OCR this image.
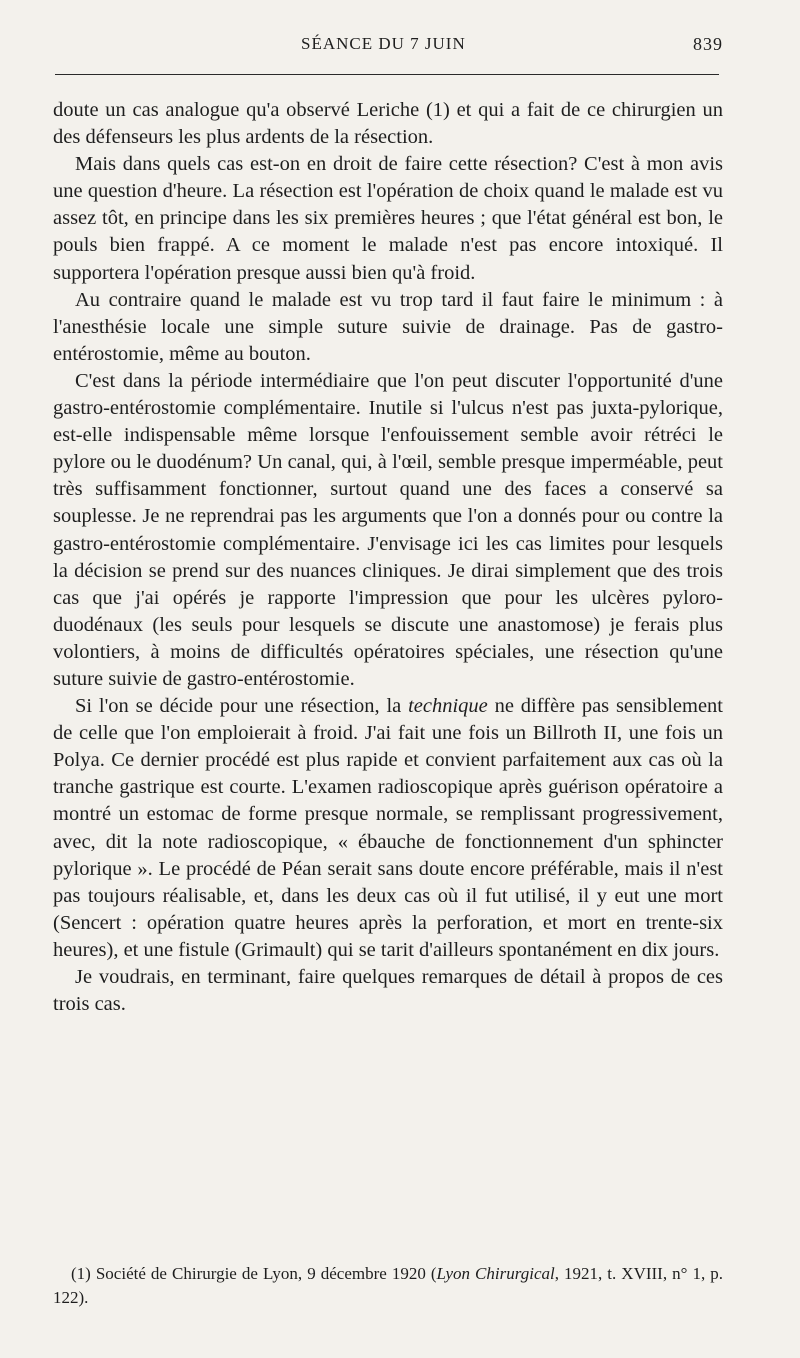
SÉANCE DU 7 JUIN	839

doute un cas analogue qu'a observé Leriche (1) et qui a fait de ce chirurgien un des défenseurs les plus ardents de la résection.

Mais dans quels cas est-on en droit de faire cette résection? C'est à mon avis une question d'heure. La résection est l'opération de choix quand le malade est vu assez tôt, en principe dans les six premières heures ; que l'état général est bon, le pouls bien frappé. A ce moment le malade n'est pas encore intoxiqué. Il supportera l'opération presque aussi bien qu'à froid.

Au contraire quand le malade est vu trop tard il faut faire le minimum : à l'anesthésie locale une simple suture suivie de drainage. Pas de gastro-entérostomie, même au bouton.

C'est dans la période intermédiaire que l'on peut discuter l'opportunité d'une gastro-entérostomie complémentaire. Inutile si l'ulcus n'est pas juxta-pylorique, est-elle indispensable même lorsque l'enfouissement semble avoir rétréci le pylore ou le duodénum? Un canal, qui, à l'œil, semble presque imperméable, peut très suffisamment fonctionner, surtout quand une des faces a conservé sa souplesse. Je ne reprendrai pas les arguments que l'on a donnés pour ou contre la gastro-entérostomie complémentaire. J'envisage ici les cas limites pour lesquels la décision se prend sur des nuances cliniques. Je dirai simplement que des trois cas que j'ai opérés je rapporte l'impression que pour les ulcères pyloro-duodénaux (les seuls pour lesquels se discute une anastomose) je ferais plus volontiers, à moins de difficultés opératoires spéciales, une résection qu'une suture suivie de gastro-entérostomie.

Si l'on se décide pour une résection, la technique ne diffère pas sensiblement de celle que l'on emploierait à froid. J'ai fait une fois un Billroth II, une fois un Polya. Ce dernier procédé est plus rapide et convient parfaitement aux cas où la tranche gastrique est courte. L'examen radioscopique après guérison opératoire a montré un estomac de forme presque normale, se remplissant progressivement, avec, dit la note radioscopique, « ébauche de fonctionnement d'un sphincter pylorique ». Le procédé de Péan serait sans doute encore préférable, mais il n'est pas toujours réalisable, et, dans les deux cas où il fut utilisé, il y eut une mort (Sencert : opération quatre heures après la perforation, et mort en trente-six heures), et une fistule (Grimault) qui se tarit d'ailleurs spontanément en dix jours.

Je voudrais, en terminant, faire quelques remarques de détail à propos de ces trois cas.

(1) Société de Chirurgie de Lyon, 9 décembre 1920 (Lyon Chirurgical, 1921, t. XVIII, n° 1, p. 122).
